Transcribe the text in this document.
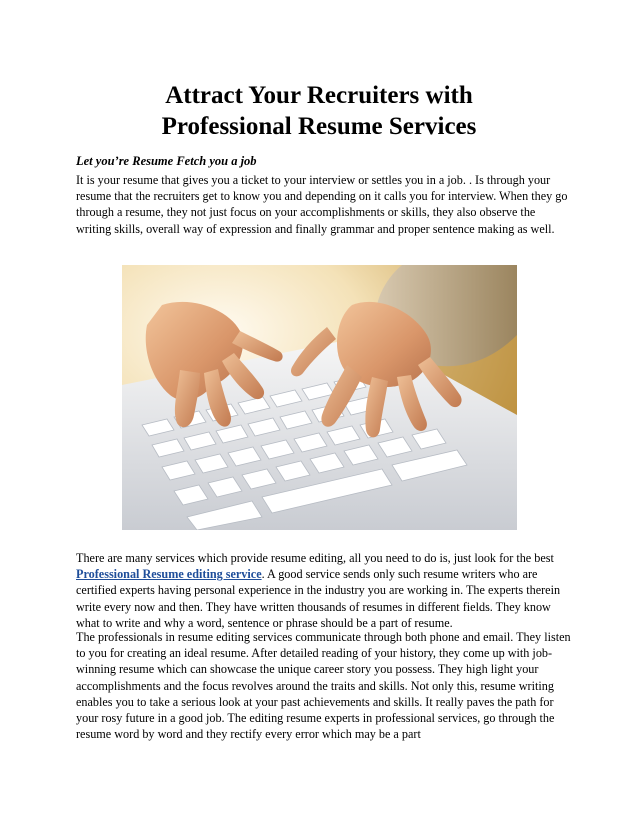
Attract Your Recruiters with
Professional Resume Services

Let you’re Resume Fetch you a job

It is your resume that gives you a ticket to your interview or settles you in a job. . Is through your resume that the recruiters get to know you and depending on it calls you for interview. When they go through a resume, they not just focus on your accomplishments or skills, they also observe the writing skills, overall way of expression and finally grammar and proper sentence making as well.

There are many services which provide resume editing, all you need to do is, just look for the best Professional Resume editing service. A good service sends only such resume writers who are certified experts having personal experience in the industry you are working in. The experts therein write every now and then. They have written thousands of resumes in different fields. They know what to write and why a word, sentence or phrase should be a part of resume.

The professionals in resume editing services communicate through both phone and email. They listen to you for creating an ideal resume. After detailed reading of your history, they come up with job-winning resume which can showcase the unique career story you possess. They high light your accomplishments and the focus revolves around the traits and skills. Not only this, resume writing enables you to take a serious look at your past achievements and skills. It really paves the path for your rosy future in a good job. The editing resume experts in professional services, go through the resume word by word and they rectify every error which may be a part
